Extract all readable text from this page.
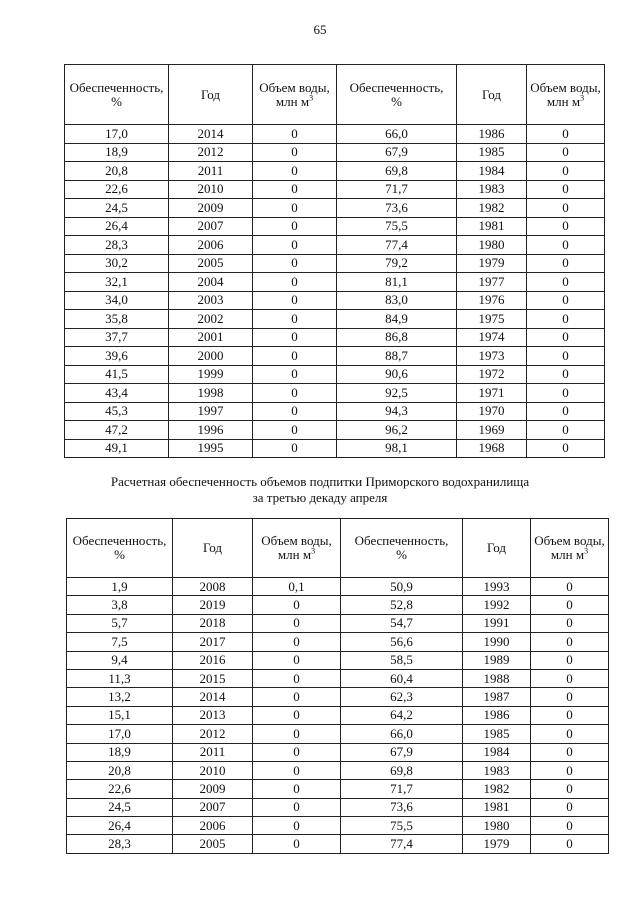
65
Обеспеченность,
%	Год	Объем воды,
млн $м^3$	Обеспеченность,
%	Год	Объем воды,
млн $м^3$
17,0	2014	0	66,0	1986	0
18,9	2012	0	67,9	1985	0
20,8	2011	0	69,8	1984	0
22,6	2010	0	71,7	1983	0
24,5	2009	0	73,6	1982	0
26,4	2007	0	75,5	1981	0
28,3	2006	0	77,4	1980	0
30,2	2005	0	79,2	1979	0
32,1	2004	0	81,1	1977	0
34,0	2003	0	83,0	1976	0
35,8	2002	0	84,9	1975	0
37,7	2001	0	86,8	1974	0
39,6	2000	0	88,7	1973	0
41,5	1999	0	90,6	1972	0
43,4	1998	0	92,5	1971	0
45,3	1997	0	94,3	1970	0
47,2	1996	0	96,2	1969	0
49,1	1995	0	98,1	1968	0
Расчетная обеспеченность объемов подпитки Приморского водохранилища
за третью декаду апреля
Обеспеченность,
%	Год	Объем воды,
млн $м^3$	Обеспеченность,
%	Год	Объем воды,
млн $м^3$
1,9	2008	0,1	50,9	1993	0
3,8	2019	0	52,8	1992	0
5,7	2018	0	54,7	1991	0
7,5	2017	0	56,6	1990	0
9,4	2016	0	58,5	1989	0
11,3	2015	0	60,4	1988	0
13,2	2014	0	62,3	1987	0
15,1	2013	0	64,2	1986	0
17,0	2012	0	66,0	1985	0
18,9	2011	0	67,9	1984	0
20,8	2010	0	69,8	1983	0
22,6	2009	0	71,7	1982	0
24,5	2007	0	73,6	1981	0
26,4	2006	0	75,5	1980	0
28,3	2005	0	77,4	1979	0
